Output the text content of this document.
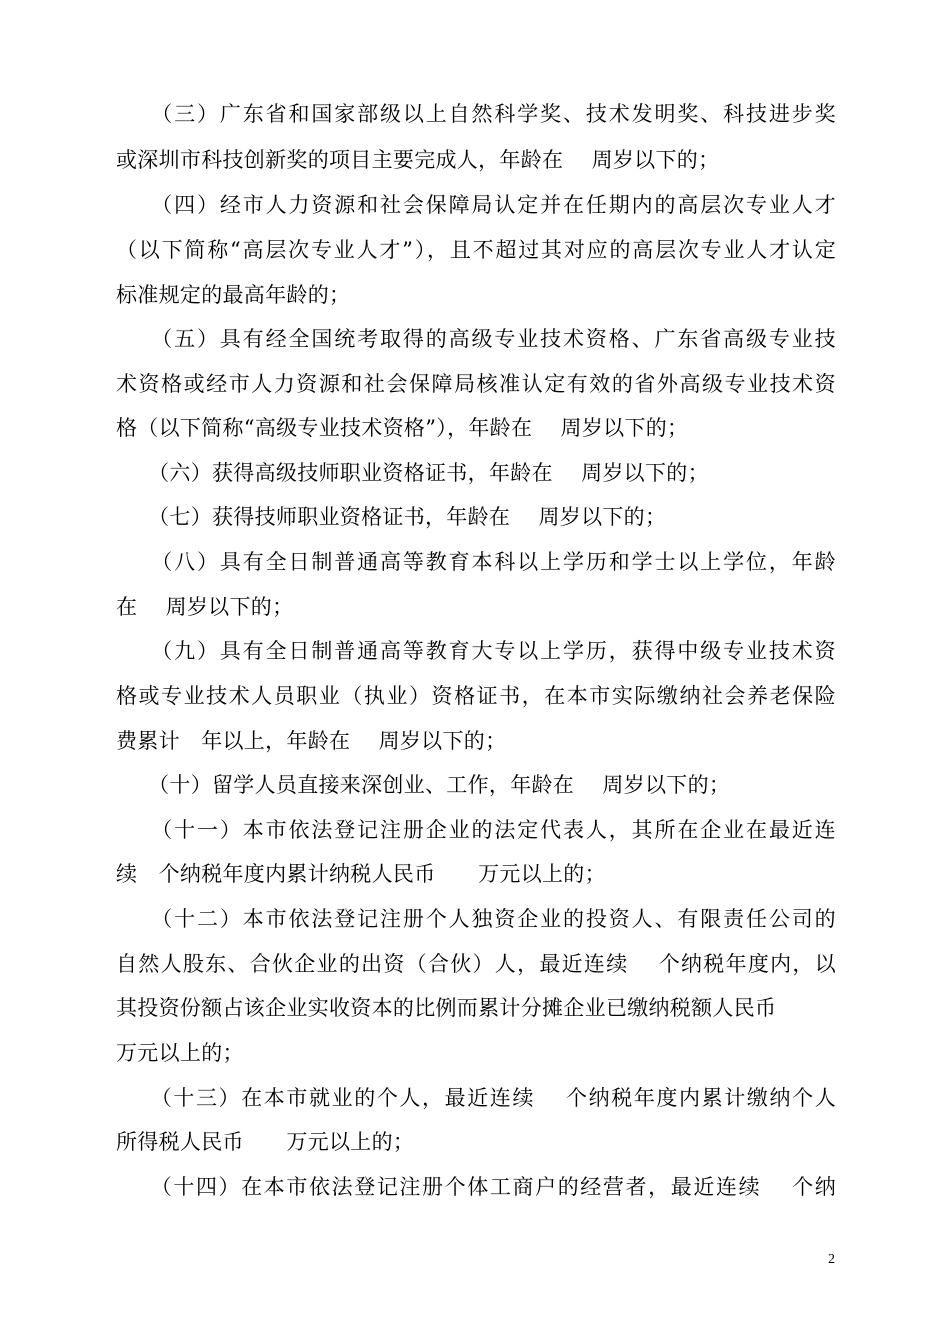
　　（三）广东省和国家部级以上自然科学奖、技术发明奖、科技进步奖
或深圳市科技创新奖的项目主要完成人，年龄在　 周岁以下的；
　　（四）经市人力资源和社会保障局认定并在任期内的高层次专业人才
（以下简称“高层次专业人才”），且不超过其对应的高层次专业人才认定
标准规定的最高年龄的；
　　（五）具有经全国统考取得的高级专业技术资格、广东省高级专业技
术资格或经市人力资源和社会保障局核准认定有效的省外高级专业技术资
格（以下简称“高级专业技术资格”），年龄在　 周岁以下的；
　　（六）获得高级技师职业资格证书，年龄在　 周岁以下的；
　　（七）获得技师职业资格证书，年龄在　 周岁以下的；
　　（八）具有全日制普通高等教育本科以上学历和学士以上学位，年龄
在　 周岁以下的；
　　（九）具有全日制普通高等教育大专以上学历，获得中级专业技术资
格或专业技术人员职业（执业）资格证书，在本市实际缴纳社会养老保险
费累计　年以上，年龄在　 周岁以下的；
　　（十）留学人员直接来深创业、工作，年龄在　 周岁以下的；
　　（十一）本市依法登记注册企业的法定代表人，其所在企业在最近连
续　个纳税年度内累计纳税人民币　　万元以上的；
　　（十二）本市依法登记注册个人独资企业的投资人、有限责任公司的
自然人股东、合伙企业的出资（合伙）人，最近连续　 个纳税年度内，以
其投资份额占该企业实收资本的比例而累计分摊企业已缴纳税额人民币
万元以上的；
　　（十三）在本市就业的个人，最近连续　 个纳税年度内累计缴纳个人
所得税人民币　　万元以上的；
　　（十四）在本市依法登记注册个体工商户的经营者，最近连续　 个纳
2
